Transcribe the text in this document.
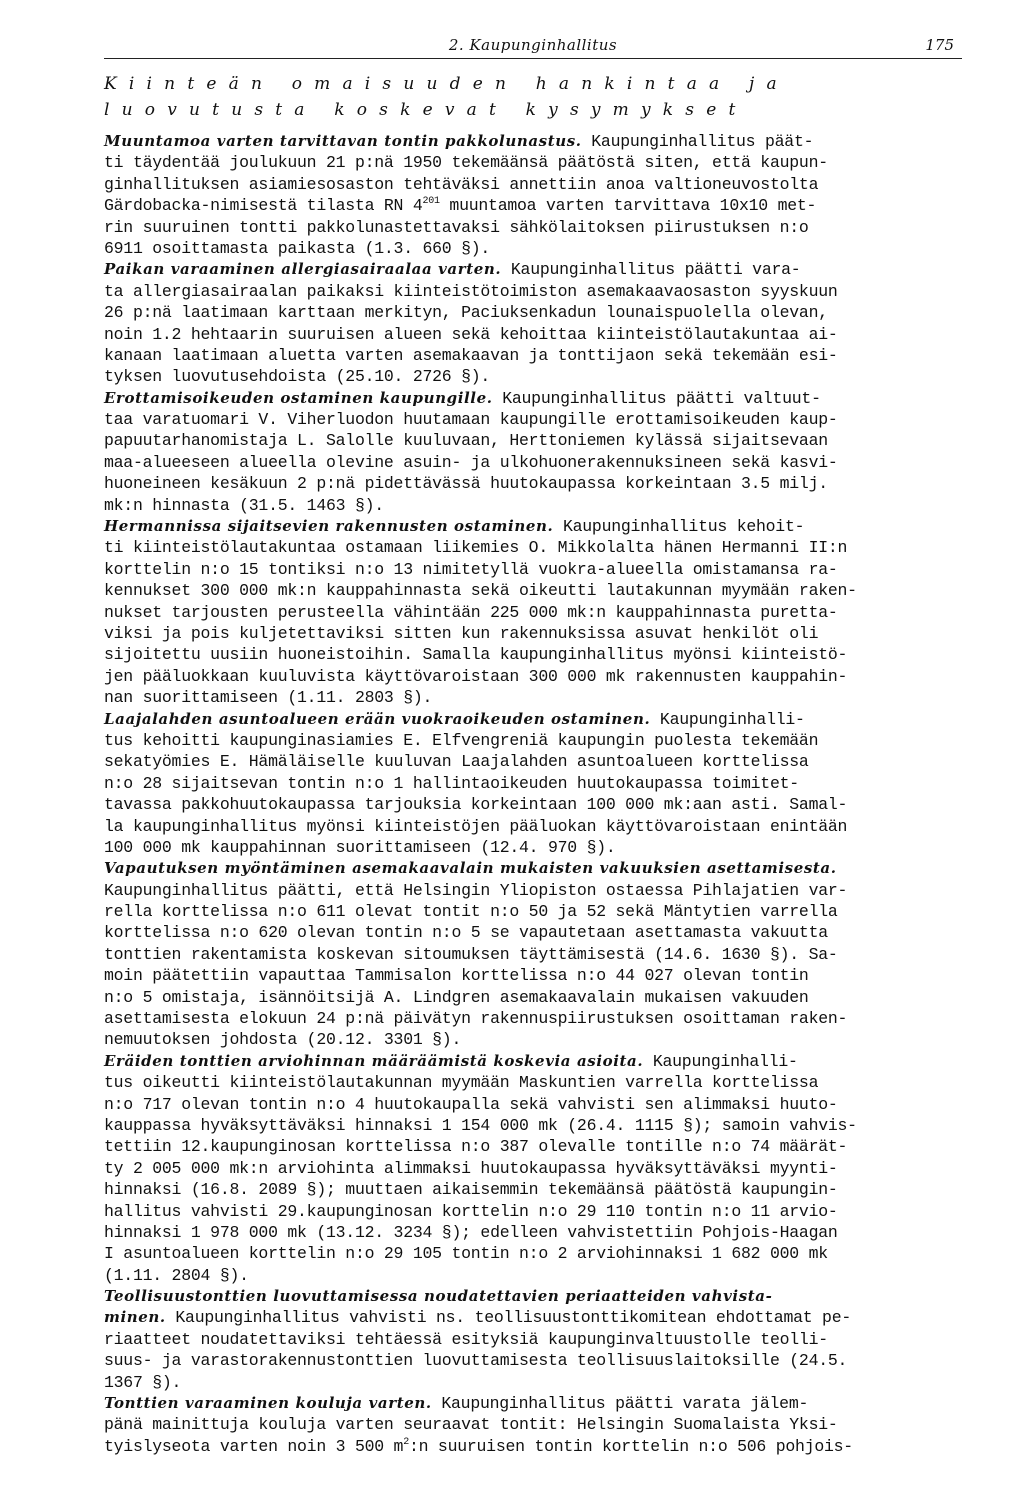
2. Kaupunginhallitus	175
Kiinteän omaisuuden hankintaa ja
luovutusta koskevat kysymykset
Muuntamoa varten tarvittavan tontin pakkolunastus. Kaupunginhallitus päät-
ti täydentää joulukuun 21 p:nä 1950 tekemäänsä päätöstä siten, että kaupun-
ginhallituksen asiamiesosaston tehtäväksi annettiin anoa valtioneuvostolta
Gärdobacka-nimisestä tilasta RN $4^{201}$ muuntamoa varten tarvittava 10x10 met-
rin suuruinen tontti pakkolunastettavaksi sähkölaitoksen piirustuksen n:o
6911 osoittamasta paikasta (1.3. 660 §).
Paikan varaaminen allergiasairaalaa varten. Kaupunginhallitus päätti vara-
ta allergiasairaalan paikaksi kiinteistötoimiston asemakaavaosaston syyskuun
26 p:nä laatimaan karttaan merkityn, Paciuksenkadun lounaispuolella olevan,
noin 1.2 hehtaarin suuruisen alueen sekä kehoittaa kiinteistölautakuntaa ai-
kanaan laatimaan aluetta varten asemakaavan ja tonttijaon sekä tekemään esi-
tyksen luovutusehdoista (25.10. 2726 §).
Erottamisoikeuden ostaminen kaupungille. Kaupunginhallitus päätti valtuut-
taa varatuomari V. Viherluodon huutamaan kaupungille erottamisoikeuden kaup-
papuutarhanomistaja L. Salolle kuuluvaan, Herttoniemen kylässä sijaitsevaan
maa-alueeseen alueella olevine asuin- ja ulkohuonerakennuksineen sekä kasvi-
huoneineen kesäkuun 2 p:nä pidettävässä huutokaupassa korkeintaan 3.5 milj.
mk:n hinnasta (31.5. 1463 §).
Hermannissa sijaitsevien rakennusten ostaminen. Kaupunginhallitus kehoit-
ti kiinteistölautakuntaa ostamaan liikemies O. Mikkolalta hänen Hermanni II:n
korttelin n:o 15 tontiksi n:o 13 nimitetyllä vuokra-alueella omistamansa ra-
kennukset 300 000 mk:n kauppahinnasta sekä oikeutti lautakunnan myymään raken-
nukset tarjousten perusteella vähintään 225 000 mk:n kauppahinnasta puretta-
viksi ja pois kuljetettaviksi sitten kun rakennuksissa asuvat henkilöt oli
sijoitettu uusiin huoneistoihin. Samalla kaupunginhallitus myönsi kiinteistö-
jen pääluokkaan kuuluvista käyttövaroistaan 300 000 mk rakennusten kauppahin-
nan suorittamiseen (1.11. 2803 §).
Laajalahden asuntoalueen erään vuokraoikeuden ostaminen. Kaupunginhalli-
tus kehoitti kaupunginasiamies E. Elfvengreniä kaupungin puolesta tekemään
sekatyömies E. Hämäläiselle kuuluvan Laajalahden asuntoalueen korttelissa
n:o 28 sijaitsevan tontin n:o 1 hallintaoikeuden huutokaupassa toimitet-
tavassa pakkohuutokaupassa tarjouksia korkeintaan 100 000 mk:aan asti. Samal-
la kaupunginhallitus myönsi kiinteistöjen pääluokan käyttövaroistaan enintään
100 000 mk kauppahinnan suorittamiseen (12.4. 970 §).
Vapautuksen myöntäminen asemakaavalain mukaisten vakuuksien asettamisesta.
Kaupunginhallitus päätti, että Helsingin Yliopiston ostaessa Pihlajatien var-
rella korttelissa n:o 611 olevat tontit n:o 50 ja 52 sekä Mäntytien varrella
korttelissa n:o 620 olevan tontin n:o 5 se vapautetaan asettamasta vakuutta
tonttien rakentamista koskevan sitoumuksen täyttämisestä (14.6. 1630 §). Sa-
moin päätettiin vapauttaa Tammisalon korttelissa n:o 44 027 olevan tontin
n:o 5 omistaja, isännöitsijä A. Lindgren asemakaavalain mukaisen vakuuden
asettamisesta elokuun 24 p:nä päivätyn rakennuspiirustuksen osoittaman raken-
nemuutoksen johdosta (20.12. 3301 §).
Eräiden tonttien arviohinnan määräämistä koskevia asioita. Kaupunginhalli-
tus oikeutti kiinteistölautakunnan myymään Maskuntien varrella korttelissa
n:o 717 olevan tontin n:o 4 huutokaupalla sekä vahvisti sen alimmaksi huuto-
kauppassa hyväksyttäväksi hinnaksi 1 154 000 mk (26.4. 1115 §); samoin vahvis-
tettiin 12.kaupunginosan korttelissa n:o 387 olevalle tontille n:o 74 määrät-
ty 2 005 000 mk:n arviohinta alimmaksi huutokaupassa hyväksyttäväksi myynti-
hinnaksi (16.8. 2089 §); muuttaen aikaisemmin tekemäänsä päätöstä kaupungin-
hallitus vahvisti 29.kaupunginosan korttelin n:o 29 110 tontin n:o 11 arvio-
hinnaksi 1 978 000 mk (13.12. 3234 §); edelleen vahvistettiin Pohjois-Haagan
I asuntoalueen korttelin n:o 29 105 tontin n:o 2 arviohinnaksi 1 682 000 mk
(1.11. 2804 §).
Teollisuustonttien luovuttamisessa noudatettavien periaatteiden vahvista-
minen. Kaupunginhallitus vahvisti ns. teollisuustonttikomitean ehdottamat pe-
riaatteet noudatettaviksi tehtäessä esityksiä kaupunginvaltuustolle teolli-
suus- ja varastorakennustonttien luovuttamisesta teollisuuslaitoksille (24.5.
1367 §).
Tonttien varaaminen kouluja varten. Kaupunginhallitus päätti varata jälem-
pänä mainittuja kouluja varten seuraavat tontit: Helsingin Suomalaista Yksi-
tyislyseota varten noin 3 500 $m^2:n$ suuruisen tontin korttelin n:o 506 pohjois-
